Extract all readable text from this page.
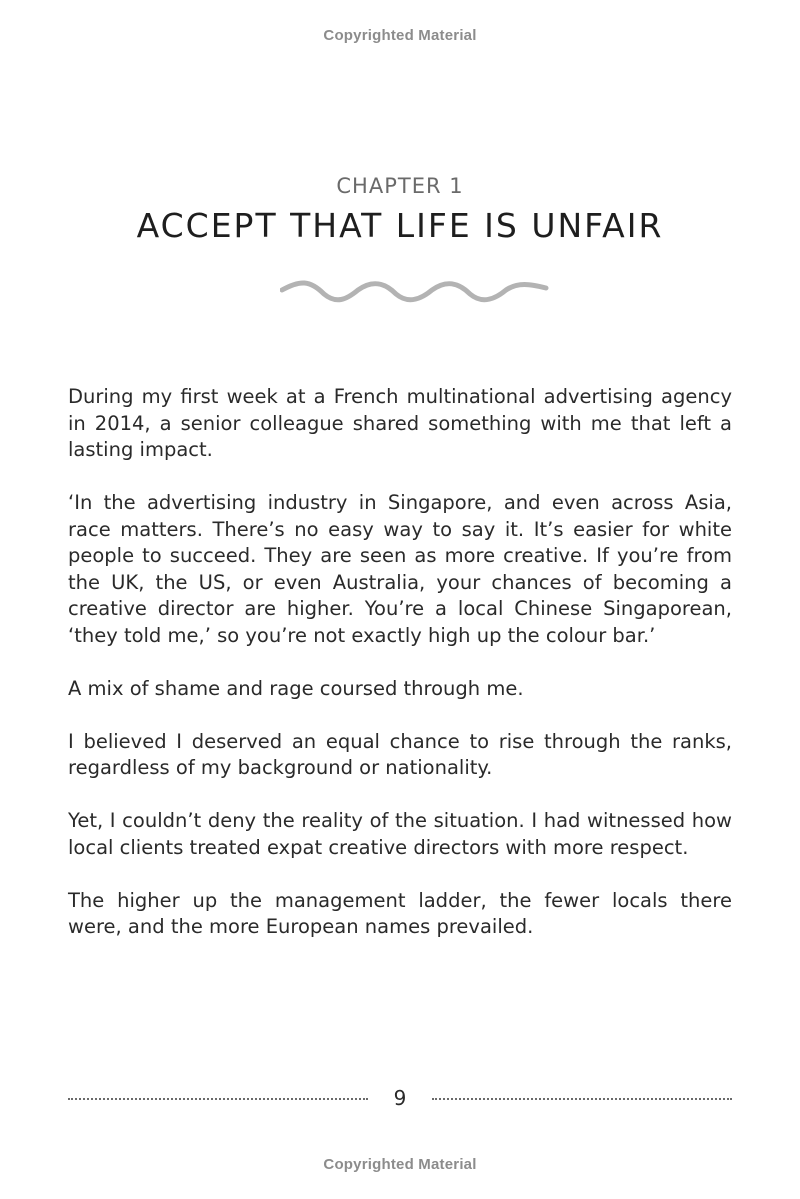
Copyrighted Material
CHAPTER 1
ACCEPT THAT LIFE IS UNFAIR

During my first week at a French multinational advertising agency in 2014, a senior colleague shared something with me that left a lasting impact.

‘In the advertising industry in Singapore, and even across Asia, race matters. There’s no easy way to say it. It’s easier for white people to succeed. They are seen as more creative. If you’re from the UK, the US, or even Australia, your chances of becoming a creative director are higher. You’re a local Chinese Singaporean, ‘they told me,’ so you’re not exactly high up the colour bar.’

A mix of shame and rage coursed through me.

I believed I deserved an equal chance to rise through the ranks, regardless of my background or nationality.

Yet, I couldn’t deny the reality of the situation. I had witnessed how local clients treated expat creative directors with more respect.

The higher up the management ladder, the fewer locals there were, and the more European names prevailed.

9
Copyrighted Material
